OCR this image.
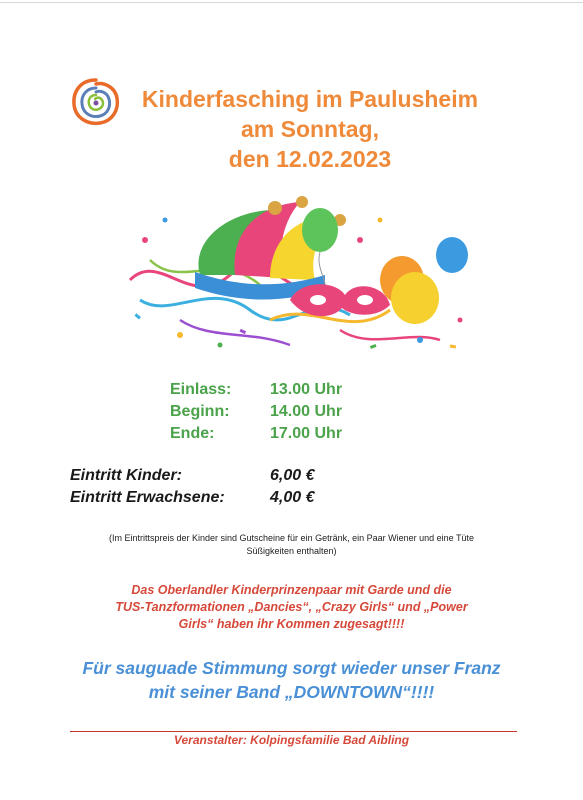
Kinderfasching im Paulusheim
am Sonntag,
den 12.02.2023
Einlass: 13.00 Uhr
Beginn:	14.00 Uhr
Ende:	17.00 Uhr
Eintritt Kinder:	6,00 €
Eintritt Erwachsene:	4,00 €
(Im Eintrittspreis der Kinder sind Gutscheine für ein Getränk, ein Paar Wiener und eine Tüte
Süßigkeiten enthalten)
Das Oberlandler Kinderprinzenpaar mit Garde und die
TUS-Tanzformationen „Dancies“, „Crazy Girls“ und „Power
Girls“ haben ihr Kommen zugesagt!!!!
Für sauguade Stimmung sorgt wieder unser Franz
mit seiner Band „DOWNTOWN“!!!!
Veranstalter: Kolpingsfamilie Bad Aibling
